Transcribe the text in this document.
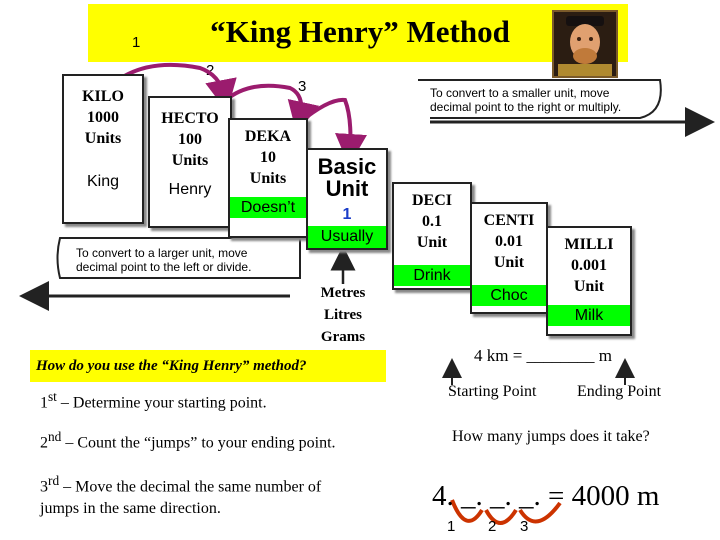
“King Henry” Method
1
2
3	To convert to a smaller unit, move
decimal point to the right or multiply.
To convert to a larger unit, move
decimal point to the left or divide.
KILO
1000
Units
King
HECTO
100
Units
Henry
DEKA
10
Units
Doesn’t
Basic
Unit
1
Usually
Metres
Litres
Grams
DECI
0.1
Unit
Drink
CENTI
0.01
Unit
Choc
MILLI
0.001
Unit
Milk
How do you use the “King Henry” method?
1st – Determine your starting point.
2nd – Count the “jumps” to your ending point.
3rd – Move the decimal the same number of
jumps in the same direction.
4 km = ________ m
Starting Point	Ending Point
How many jumps does it take?
4. _. _. _. = 4000 m
1 2 3
